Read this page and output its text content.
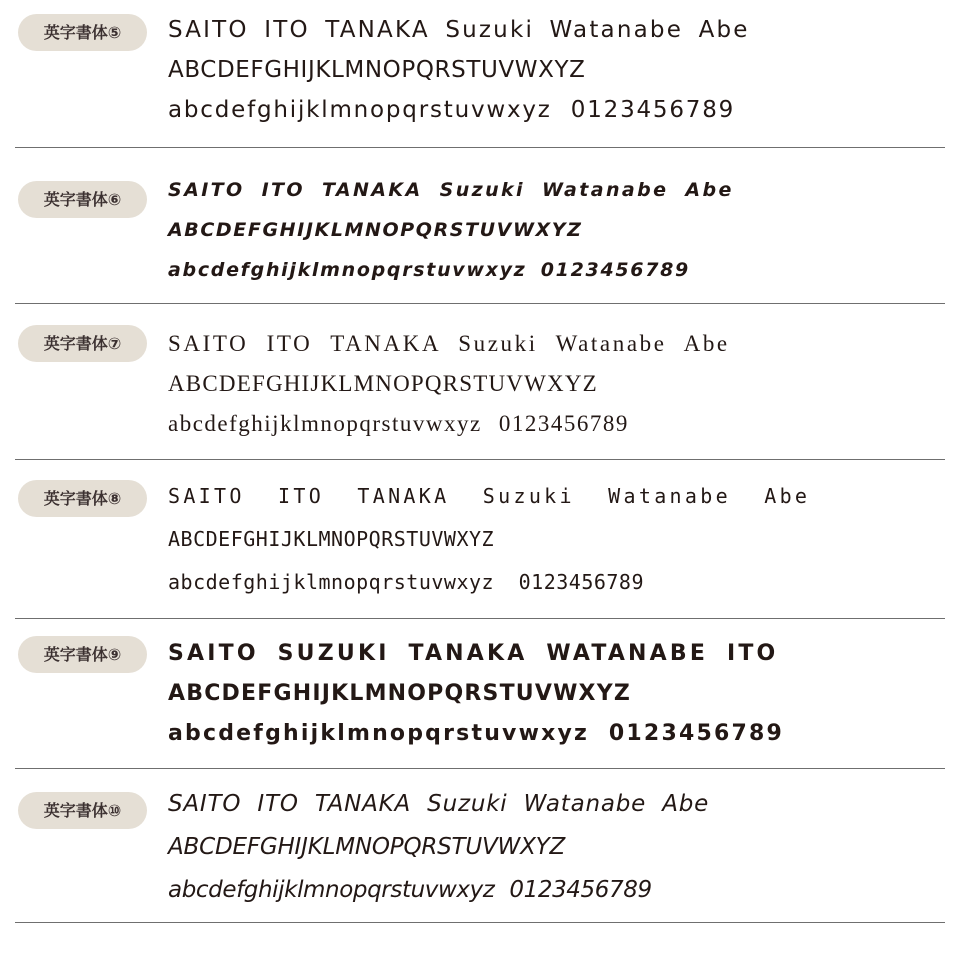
英字書体⑤	SAITO ITO TANAKA Suzuki Watanabe Abe
ABCDEFGHIJKLMNOPQRSTUVWXYZ
abcdefghijklmnopqrstuvwxyz 0123456789
英字書体⑥	SAITO ITO TANAKA Suzuki Watanabe Abe
ABCDEFGHIJKLMNOPQRSTUVWXYZ
abcdefghijklmnopqrstuvwxyz 0123456789
英字書体⑦	SAITO ITO TANAKA Suzuki Watanabe Abe
ABCDEFGHIJKLMNOPQRSTUVWXYZ
abcdefghijklmnopqrstuvwxyz 0123456789
英字書体⑧	SAITO ITO TANAKA Suzuki Watanabe Abe
ABCDEFGHIJKLMNOPQRSTUVWXYZ
abcdefghijklmnopqrstuvwxyz 0123456789
英字書体⑨	SAITO SUZUKI TANAKA WATANABE ITO
ABCDEFGHIJKLMNOPQRSTUVWXYZ
abcdefghijklmnopqrstuvwxyz 0123456789
英字書体⑩	SAITO ITO TANAKA Suzuki Watanabe Abe
ABCDEFGHIJKLMNOPQRSTUVWXYZ
abcdefghijklmnopqrstuvwxyz 0123456789
